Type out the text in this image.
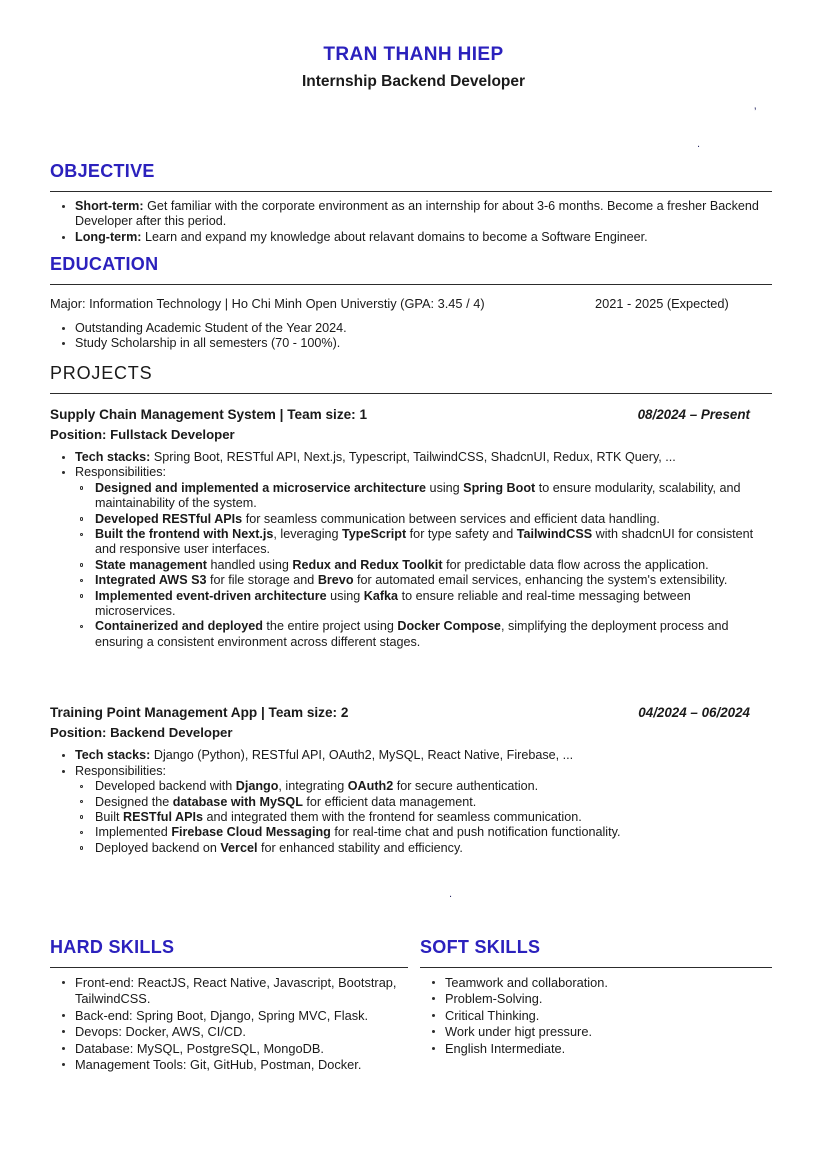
TRAN THANH HIEP
Internship Backend Developer
’
.
.
OBJECTIVE
Short-term: Get familiar with the corporate environment as an internship for about 3-6 months. Become a fresher Backend Developer after this period.
Long-term: Learn and expand my knowledge about relavant domains to become a Software Engineer.
EDUCATION
Major: Information Technology | Ho Chi Minh Open Universtiy (GPA: 3.45 / 4)	2021 - 2025 (Expected)
Outstanding Academic Student of the Year 2024.
Study Scholarship in all semesters (70 - 100%).
PROJECTS
Supply Chain Management System | Team size: 1	08/2024 – Present
Position: Fullstack Developer
Tech stacks: Spring Boot, RESTful API, Next.js, Typescript, TailwindCSS, ShadcnUI, Redux, RTK Query, ...
Responsibilities:
Designed and implemented a microservice architecture using Spring Boot to ensure modularity, scalability, and maintainability of the system.
Developed RESTful APIs for seamless communication between services and efficient data handling.
Built the frontend with Next.js, leveraging TypeScript for type safety and TailwindCSS with shadcnUI for consistent and responsive user interfaces.
State management handled using Redux and Redux Toolkit for predictable data flow across the application.
Integrated AWS S3 for file storage and Brevo for automated email services, enhancing the system's extensibility.
Implemented event-driven architecture using Kafka to ensure reliable and real-time messaging between microservices.
Containerized and deployed the entire project using Docker Compose, simplifying the deployment process and ensuring a consistent environment across different stages.
Training Point Management App | Team size: 2	04/2024 – 06/2024
Position: Backend Developer
Tech stacks: Django (Python), RESTful API, OAuth2, MySQL, React Native, Firebase, ...
Responsibilities:
Developed backend with Django, integrating OAuth2 for secure authentication.
Designed the database with MySQL for efficient data management.
Built RESTful APIs and integrated them with the frontend for seamless communication.
Implemented Firebase Cloud Messaging for real-time chat and push notification functionality.
Deployed backend on Vercel for enhanced stability and efficiency.
HARD SKILLS
Front-end: ReactJS, React Native, Javascript, Bootstrap, TailwindCSS.
Back-end: Spring Boot, Django, Spring MVC, Flask.
Devops: Docker, AWS, CI/CD.
Database: MySQL, PostgreSQL, MongoDB.
Management Tools: Git, GitHub, Postman, Docker.
SOFT SKILLS
Teamwork and collaboration.
Problem-Solving.
Critical Thinking.
Work under higt pressure.
English Intermediate.
